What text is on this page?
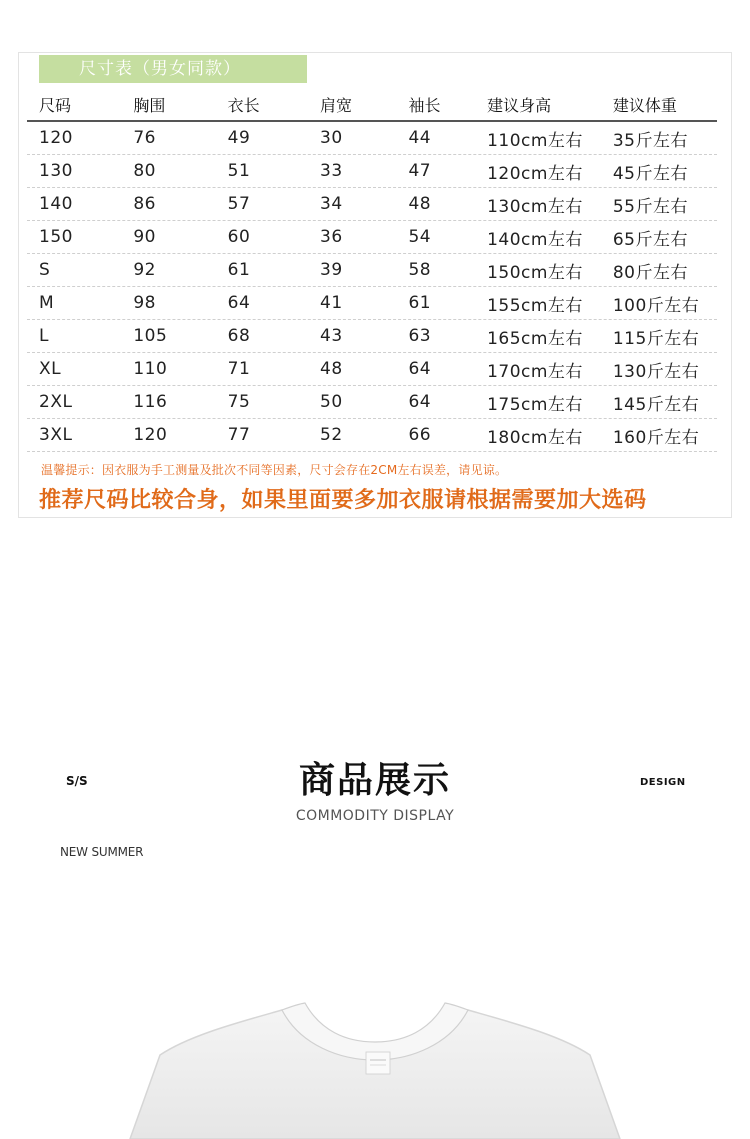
尺寸表（男女同款）
尺码	胸围	衣长	肩宽	袖长	建议身高	建议体重
120	76	49	30	44	110cm左右	35斤左右
130	80	51	33	47	120cm左右	45斤左右
140	86	57	34	48	130cm左右	55斤左右
150	90	60	36	54	140cm左右	65斤左右
S	92	61	39	58	150cm左右	80斤左右
M	98	64	41	61	155cm左右	100斤左右
L	105	68	43	63	165cm左右	115斤左右
XL	110	71	48	64	170cm左右	130斤左右
2XL	116	75	50	64	175cm左右	145斤左右
3XL	120	77	52	66	180cm左右	160斤左右
温馨提示：因衣服为手工测量及批次不同等因素，尺寸会存在2CM左右误差，请见谅。
推荐尺码比较合身，如果里面要多加衣服请根据需要加大选码
S/S	商品展示	DESIGN
COMMODITY DISPLAY
NEW SUMMER
